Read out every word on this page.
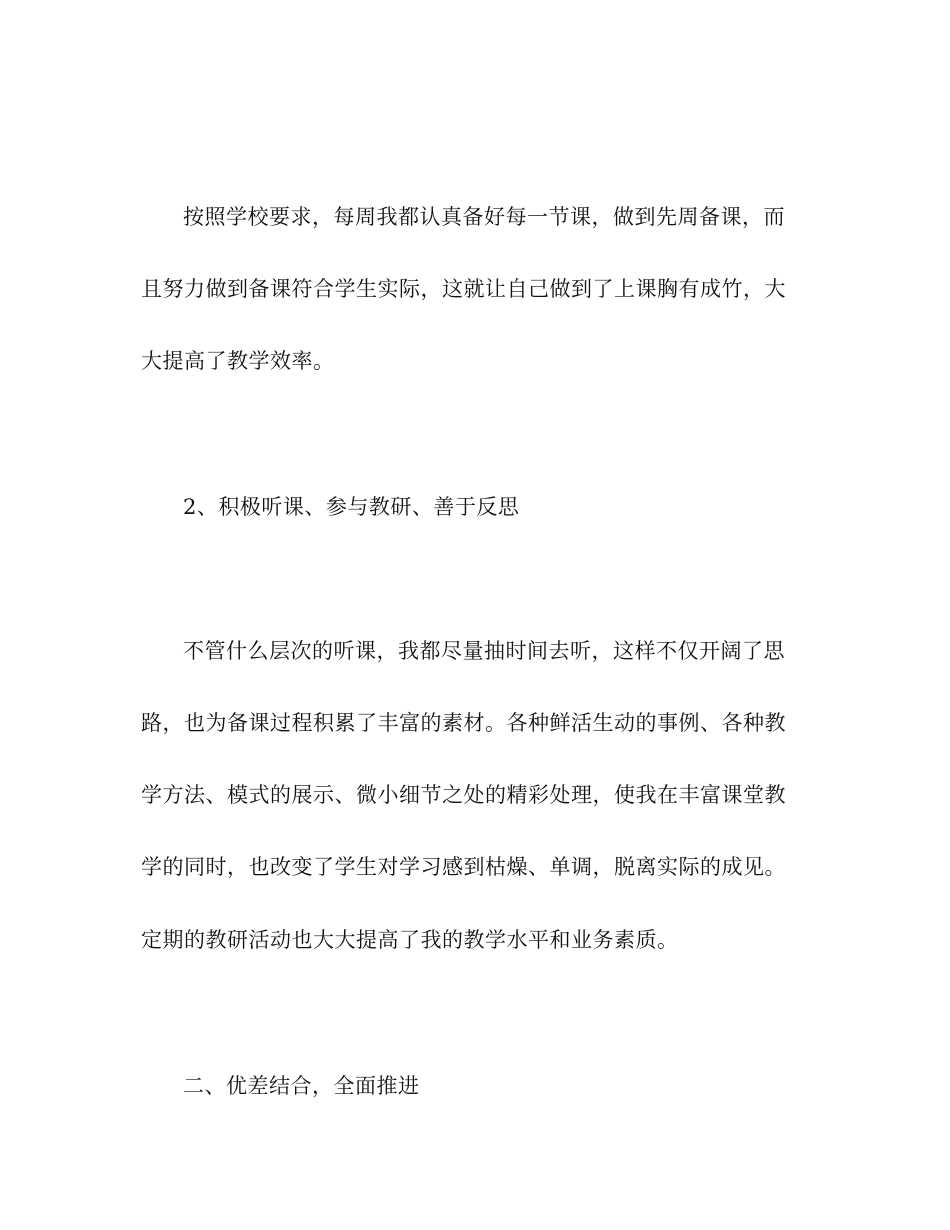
按照学校要求，每周我都认真备好每一节课，做到先周备课，而
且努力做到备课符合学生实际，这就让自己做到了上课胸有成竹，大
大提高了教学效率。
2、积极听课、参与教研、善于反思
不管什么层次的听课，我都尽量抽时间去听，这样不仅开阔了思
路，也为备课过程积累了丰富的素材。各种鲜活生动的事例、各种教
学方法、模式的展示、微小细节之处的精彩处理，使我在丰富课堂教
学的同时，也改变了学生对学习感到枯燥、单调，脱离实际的成见。
定期的教研活动也大大提高了我的教学水平和业务素质。
二、优差结合，全面推进
